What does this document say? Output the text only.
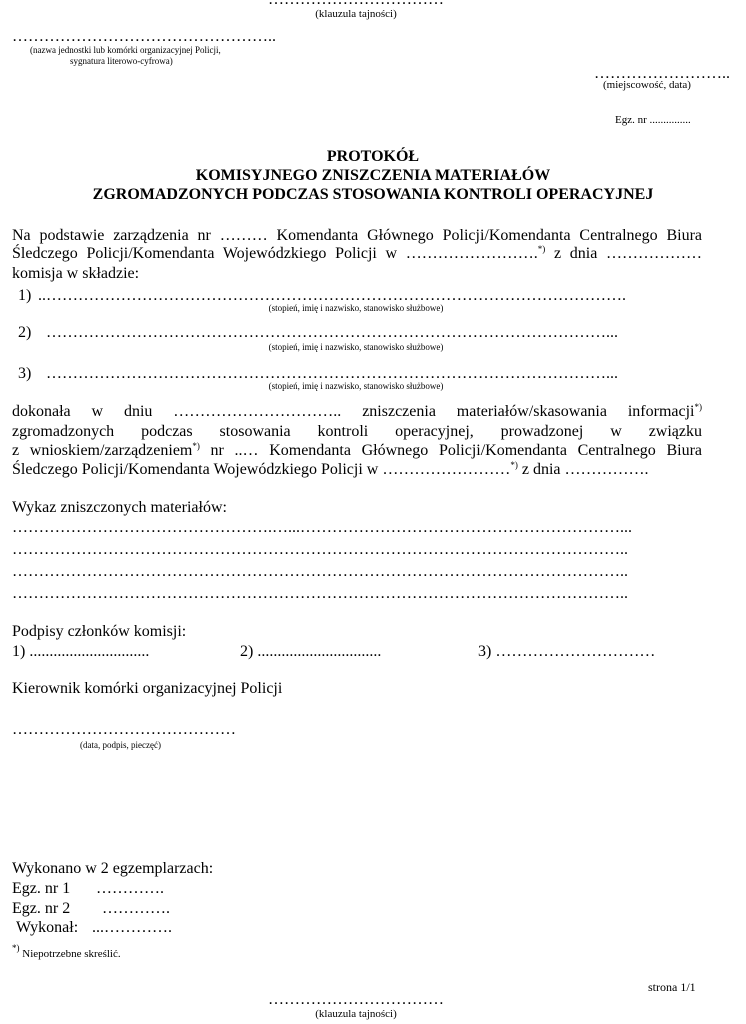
(klauzula tajności)
…………………………………………..
(nazwa jednostki lub komórki organizacyjnej Policji,
sygnatura literowo-cyfrowa)
……………………..
(miejscowość, data)
Egz. nr ...............
PROTOKÓŁ
KOMISYJNEGO ZNISZCZENIA MATERIAŁÓW
ZGROMADZONYCH PODCZAS STOSOWANIA KONTROLI OPERACYJNEJ
Na podstawie zarządzenia nr ……… Komendanta Głównego Policji/Komendanta Centralnego Biura
Śledczego Policji/Komendanta Wojewódzkiego Policji w …………………….*) z dnia ………………
komisja w składzie:
1) ..……………………………………………………………………………………………….
(stopień, imię i nazwisko, stanowisko służbowe)
2) ……………………………………………………………………………………………...
(stopień, imię i nazwisko, stanowisko służbowe)
3) ……………………………………………………………………………………………...
(stopień, imię i nazwisko, stanowisko służbowe)
dokonała w dniu ………………………….. zniszczenia materiałów/skasowania informacji*)
zgromadzonych podczas stosowania kontroli operacyjnej, prowadzonej w związku
z wnioskiem/zarządzeniem*) nr ..… Komendanta Głównego Policji/Komendanta Centralnego Biura
Śledczego Policji/Komendanta Wojewódzkiego Policji w ……………………*) z dnia …………….
Wykaz zniszczonych materiałów:
………………………………………….…...……………………………………………………...
……………………………………………………………………………………………………..
……………………………………………………………………………………………………..
……………………………………………………………………………………………………..
Podpisy członków komisji:
1) ..............................	2) ...............................	3) …………………………
Kierownik komórki organizacyjnej Policji
……………………………………
(data, podpis, pieczęć)
Wykonano w 2 egzemplarzach:
Egz. nr 1 ………….
Egz. nr 2 ………….
Wykonał: ...………….
*) Niepotrzebne skreślić.
strona 1/1
……………………………
(klauzula tajności)
